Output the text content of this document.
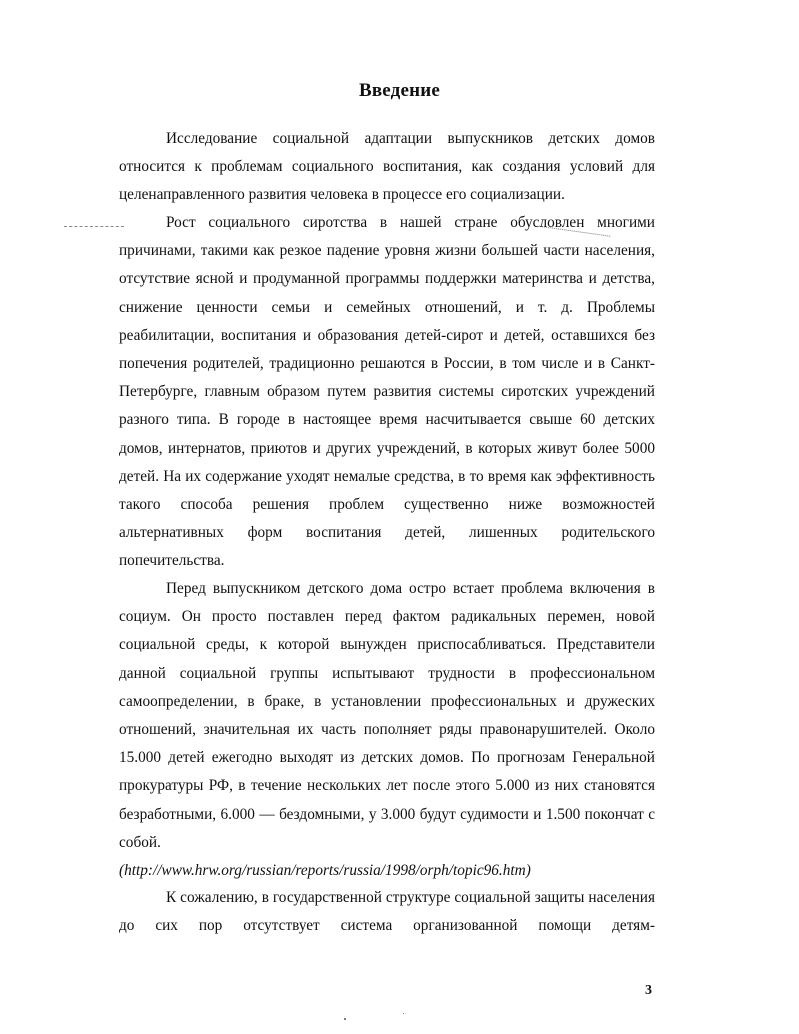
Введение

Исследование социальной адаптации выпускников детских домов относится к проблемам социального воспитания, как создания условий для целенаправленного развития человека в процессе его социализации.

Рост социального сиротства в нашей стране обусловлен многими причинами, такими как резкое падение уровня жизни большей части населения, отсутствие ясной и продуманной программы поддержки материнства и детства, снижение ценности семьи и семейных отношений, и т. д. Проблемы реабилитации, воспитания и образования детей-сирот и детей, оставшихся без попечения родителей, традиционно решаются в России, в том числе и в Санкт-Петербурге, главным образом путем развития системы сиротских учреждений разного типа. В городе в настоящее время насчитывается свыше 60 детских домов, интернатов, приютов и других учреждений, в которых живут более 5000 детей. На их содержание уходят немалые средства, в то время как эффективность такого способа решения проблем существенно ниже возможностей альтернативных форм воспитания детей, лишенных родительского попечительства.

Перед выпускником детского дома остро встает проблема включения в социум. Он просто поставлен перед фактом радикальных перемен, новой социальной среды, к которой вынужден приспосабливаться. Представители данной социальной группы испытывают трудности в профессиональном самоопределении, в браке, в установлении профессиональных и дружеских отношений, значительная их часть пополняет ряды правонарушителей. Около 15.000 детей ежегодно выходят из детских домов. По прогнозам Генеральной прокуратуры РФ, в течение нескольких лет после этого 5.000 из них становятся безработными, 6.000 — бездомными, у 3.000 будут судимости и 1.500 покончат с собой.
(http://www.hrw.org/russian/reports/russia/1998/orph/topic96.htm)

К сожалению, в государственной структуре социальной защиты населения до сих пор отсутствует система организованной помощи детям-

3
